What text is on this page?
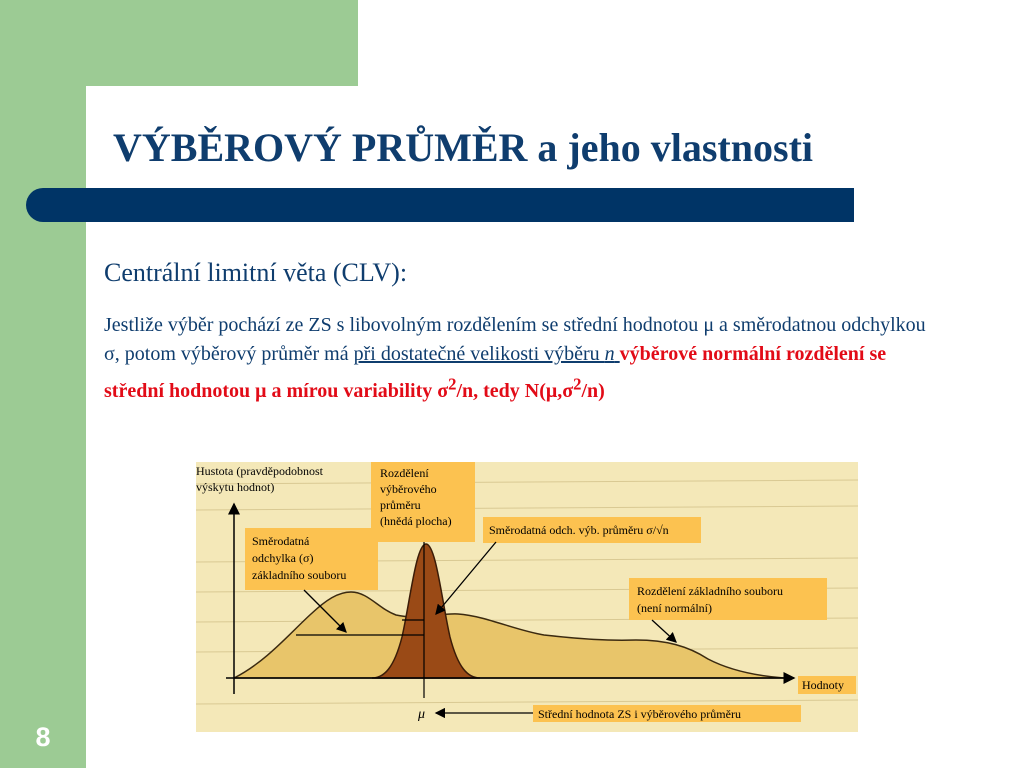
VÝBĚROVÝ PRŮMĚR a jeho vlastnosti
Centrální limitní věta (CLV):
Jestliže výběr pochází ze ZS s libovolným rozdělením se střední hodnotou μ a směrodatnou odchylkou σ, potom výběrový průměr má při dostatečné velikosti výběru n výběrové normální rozdělení se střední hodnotou μ a mírou variability $\sigma^2/n$, tedy $N(\mu,\sigma^2/n)$
Hustota (pravděpodobnost
výskytu hodnot)
Rozdělení
výběrového
průměru
(hnědá plocha)
Směrodatná odch. výb. průměru σ/√n
Směrodatná
odchylka (σ)
základního souboru
Rozdělení základního souboru
(není normální)
Hodnoty
μ	Střední hodnota ZS i výběrového průměru
8
